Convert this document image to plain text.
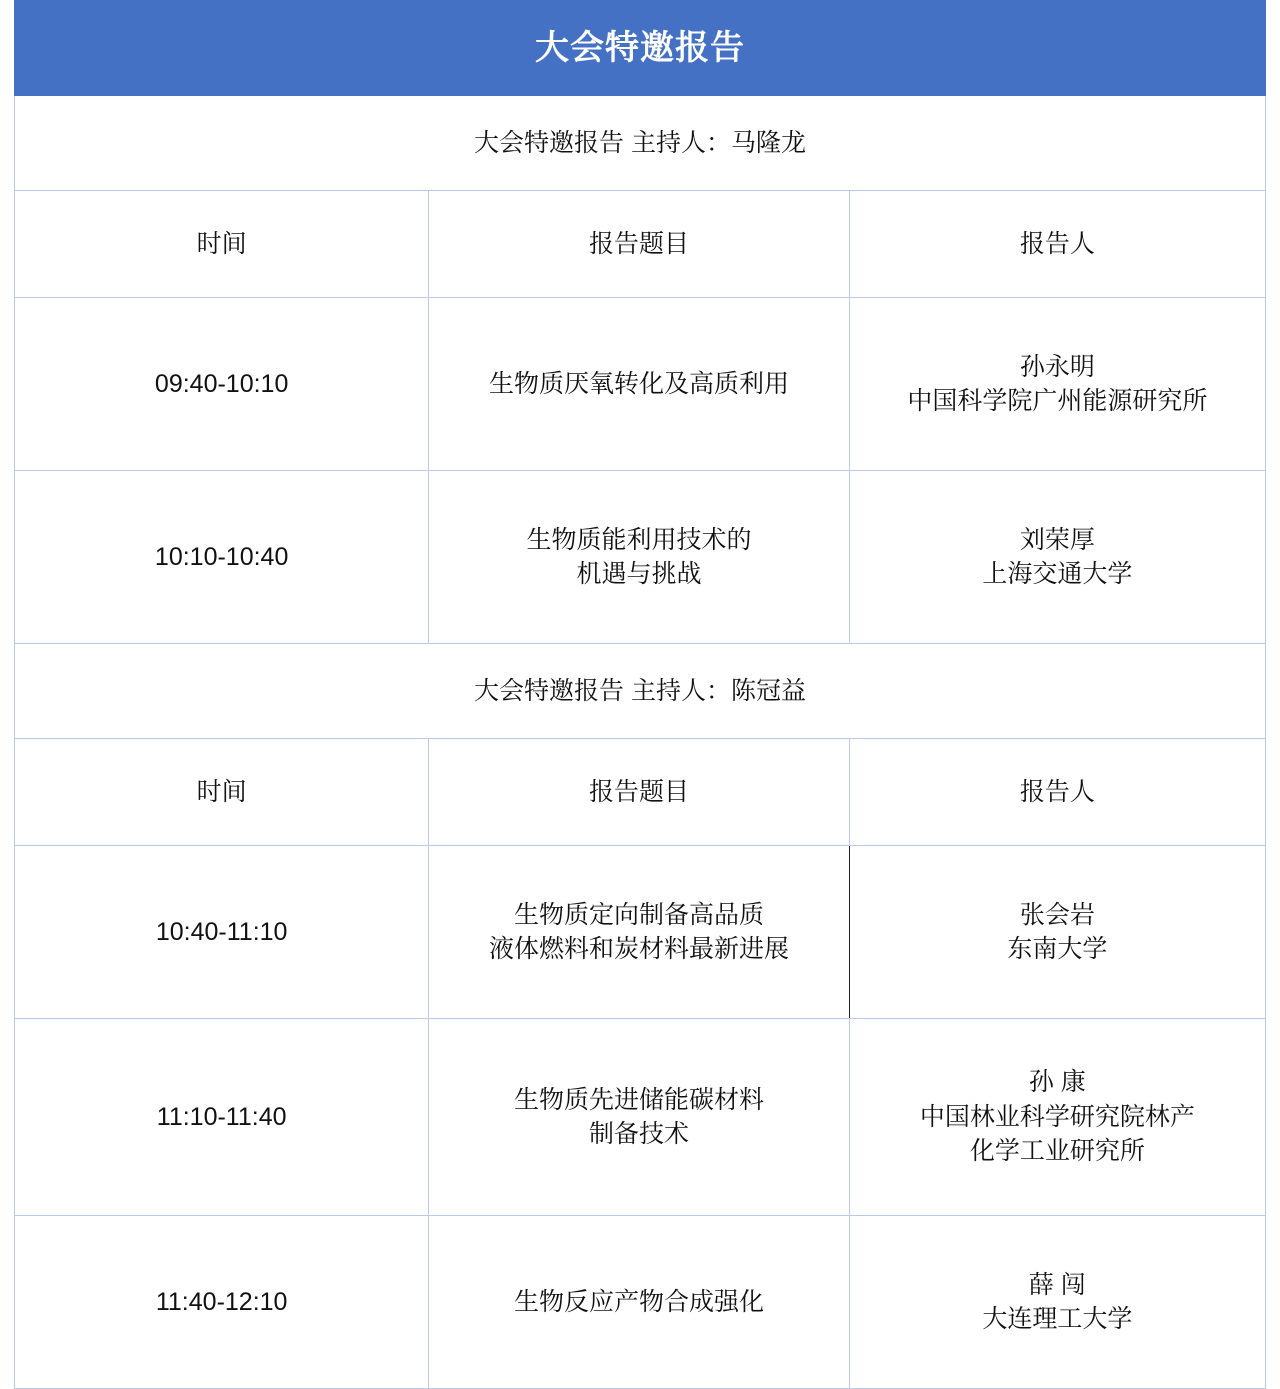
大会特邀报告		
大会特邀报告 主持人：马隆龙		
时间	报告题目	报告人
09:40-10:10	生物质厌氧转化及高质利用	孙永明
中国科学院广州能源研究所

10:10-10:40	生物质能利用技术的
机遇与挑战	刘荣厚
上海交通大学

大会特邀报告 主持人：陈冠益		
时间	报告题目	报告人
10:40-11:10	生物质定向制备高品质
液体燃料和炭材料最新进展	张会岩
东南大学

11:10-11:40	生物质先进储能碳材料
制备技术	孙 康
中国林业科学研究院林产
化学工业研究所

11:40-12:10	生物反应产物合成强化	薛 闯
大连理工大学
